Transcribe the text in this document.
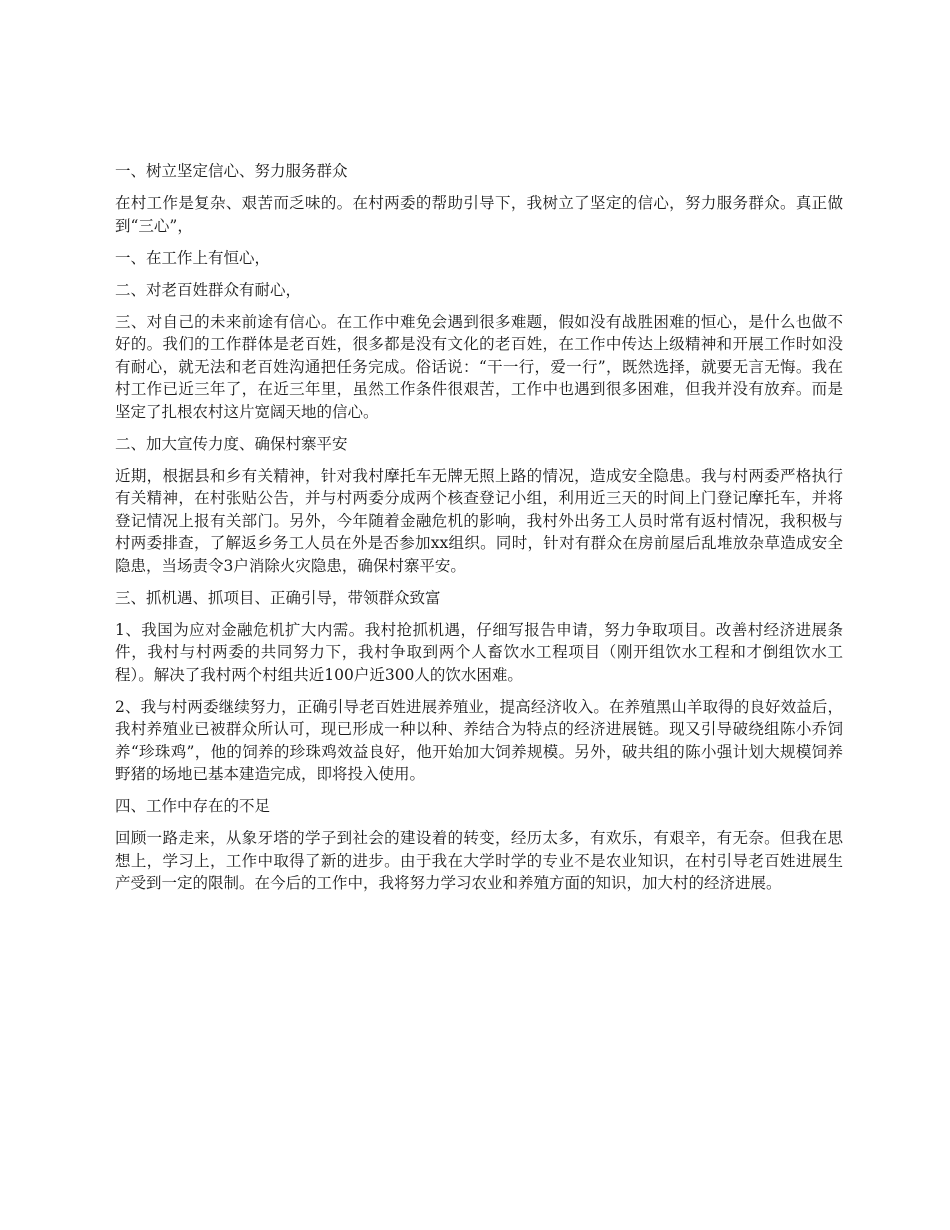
一、树立坚定信心、努力服务群众

在村工作是复杂、艰苦而乏味的。在村两委的帮助引导下，我树立了坚定的信心，努力服务群众。真正做到“三心”，

一、在工作上有恒心，

二、对老百姓群众有耐心，

三、对自己的未来前途有信心。在工作中难免会遇到很多难题，假如没有战胜困难的恒心，是什么也做不好的。我们的工作群体是老百姓，很多都是没有文化的老百姓，在工作中传达上级精神和开展工作时如没有耐心，就无法和老百姓沟通把任务完成。俗话说：“干一行，爱一行”，既然选择，就要无言无悔。我在村工作已近三年了，在近三年里，虽然工作条件很艰苦，工作中也遇到很多困难，但我并没有放弃。而是坚定了扎根农村这片宽阔天地的信心。

二、加大宣传力度、确保村寨平安

近期，根据县和乡有关精神，针对我村摩托车无牌无照上路的情况，造成安全隐患。我与村两委严格执行有关精神，在村张贴公告，并与村两委分成两个核查登记小组，利用近三天的时间上门登记摩托车，并将登记情况上报有关部门。另外，今年随着金融危机的影响，我村外出务工人员时常有返村情况，我积极与村两委排查，了解返乡务工人员在外是否参加xx组织。同时，针对有群众在房前屋后乱堆放杂草造成安全隐患，当场责令3户消除火灾隐患，确保村寨平安。

三、抓机遇、抓项目、正确引导，带领群众致富

1、我国为应对金融危机扩大内需。我村抢抓机遇，仔细写报告申请，努力争取项目。改善村经济进展条件，我村与村两委的共同努力下，我村争取到两个人畜饮水工程项目（刚开组饮水工程和才倒组饮水工程）。解决了我村两个村组共近100户近300人的饮水困难。

2、我与村两委继续努力，正确引导老百姓进展养殖业，提高经济收入。在养殖黑山羊取得的良好效益后，我村养殖业已被群众所认可，现已形成一种以种、养结合为特点的经济进展链。现又引导破绕组陈小乔饲养“珍珠鸡”，他的饲养的珍珠鸡效益良好，他开始加大饲养规模。另外，破共组的陈小强计划大规模饲养野猪的场地已基本建造完成，即将投入使用。

四、工作中存在的不足

回顾一路走来，从象牙塔的学子到社会的建设着的转变，经历太多，有欢乐，有艰辛，有无奈。但我在思想上，学习上，工作中取得了新的进步。由于我在大学时学的专业不是农业知识，在村引导老百姓进展生产受到一定的限制。在今后的工作中，我将努力学习农业和养殖方面的知识，加大村的经济进展。
